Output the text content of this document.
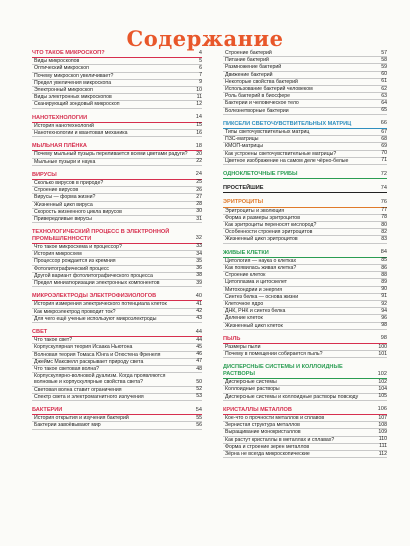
Содержание
ЧТО ТАКОЕ МИКРОСКОП?	4
Виды микроскопов	5
Оптический микроскоп	6
Почему микроскоп увеличивает?	7
Предел увеличения микроскопа	9
Электронный микроскоп	10
Виды электронных микроскопов	11
Сканирующий зондовый микроскоп	12
НАНОТЕХНОЛОГИИ	14
История нанотехнологий	15
Нанотехнологии и квантовая механика	16
МЫЛЬНАЯ ПЛЁНКА	18
Почему мыльный пузырь переливается всеми цветами радуги? 20
Мыльные пузыри и наука	22
ВИРУСЫ	24
Сколько вирусов в природе?	25
Строение вирусов	26
Вирусы — форма жизни?	27
Жизненный цикл вируса	28
Скорость жизненного цикла вирусов	30
Привередливые вирусы	31
ТЕХНОЛОГИЧЕСКИЙ ПРОЦЕСС В ЭЛЕКТРОННОЙ ПРОМЫШЛЕННОСТИ	32
Что такое микросхема и процессор?	33
История микросхем	34
Процессор рождается из кремния	35
Фотолитографический процесс	36
Другой вариант фотолитографического процесса	38
Предел миниатюризации электронных компонентов	39
МИКРОЭЛЕКТРОДЫ ЭЛЕКТРОФИЗИОЛОГОВ	40
История измерения электрического потенциала клеток	41
Как микроэлектрод проводит ток?	42
Для чего ещё ученые используют микроэлектроды	43
СВЕТ	44
Что такое свет?	44
Корпускулярная теория Исаака Ньютона	45
Волновая теория Томаса Юнга и Огюстена Френеля	46
Джеймс Максвелл раскрывает природу света	47
Что такое световая волна?	48
Корпускулярно-волновой дуализм. Когда проявляются волновые и корпускулярные свойства света?	50
Световая волна ставит ограничения	52
Спектр света и электромагнитного излучения	53
БАКТЕРИИ	54
История открытия и изучения бактерий	55
Бактерии завоёвывают мир	56
Строение бактерий	57
Питание бактерий	58
Размножение бактерий	59
Движение бактерий	60
Некоторые свойства бактерий	61
Использование бактерий человеком	62
Роль бактерий в биосфере	63
Бактерии и человеческое тело	64
Болезнетворные бактерии	65
ПИКСЕЛИ СВЕТОЧУВСТВИТЕЛЬНЫХ МАТРИЦ	66
Типы светочувствительных матриц	67
ПЗС-матрицы	68
КМОП-матрицы	69
Как устроены светочувствительные матрицы?	70
Цветное изображение на самом деле чёрно-белые	71
ОДНОКЛЕТОЧНЫЕ ГРИБЫ	72
ПРОСТЕЙШИЕ	74
ЭРИТРОЦИТЫ	76
Эритроциты и эволюция	77
Форма и размеры эритроцитов	78
Как эритроциты переносят кислород?	80
Особенности строения эритроцитов	82
Жизненный цикл эритроцитов	83
ЖИВЫЕ КЛЕТКИ	84
Цитология — наука о клетках	85
Как появилась живая клетка?	86
Строение клеток	88
Цитоплазма и цитоскелет	89
Митохондрии и энергия	90
Синтез белка — основа жизни	91
Клеточное ядро	92
ДНК, РНК и синтез белка	94
Деление клеток	96
Жизненный цикл клеток	98
ПЫЛЬ	98
Размеры пыли	100
Почему в помещении собирается пыль?	101
ДИСПЕРСНЫЕ СИСТЕМЫ И КОЛЛОИДНЫЕ РАСТВОРЫ	102
Дисперсные системы	102
Коллоидные растворы	104
Дисперсные системы и коллоидные растворы повсюду	105
КРИСТАЛЛЫ МЕТАЛЛОВ	106
Кое-что о прочности металлов и сплавов	107
Зернистая структура металлов	108
Выращивание монокристаллов	109
Как растут кристаллы в металлах и сплавах?	110
Форма и строение зерен металлов	111
Зёрна не всегда микроскопические	112
